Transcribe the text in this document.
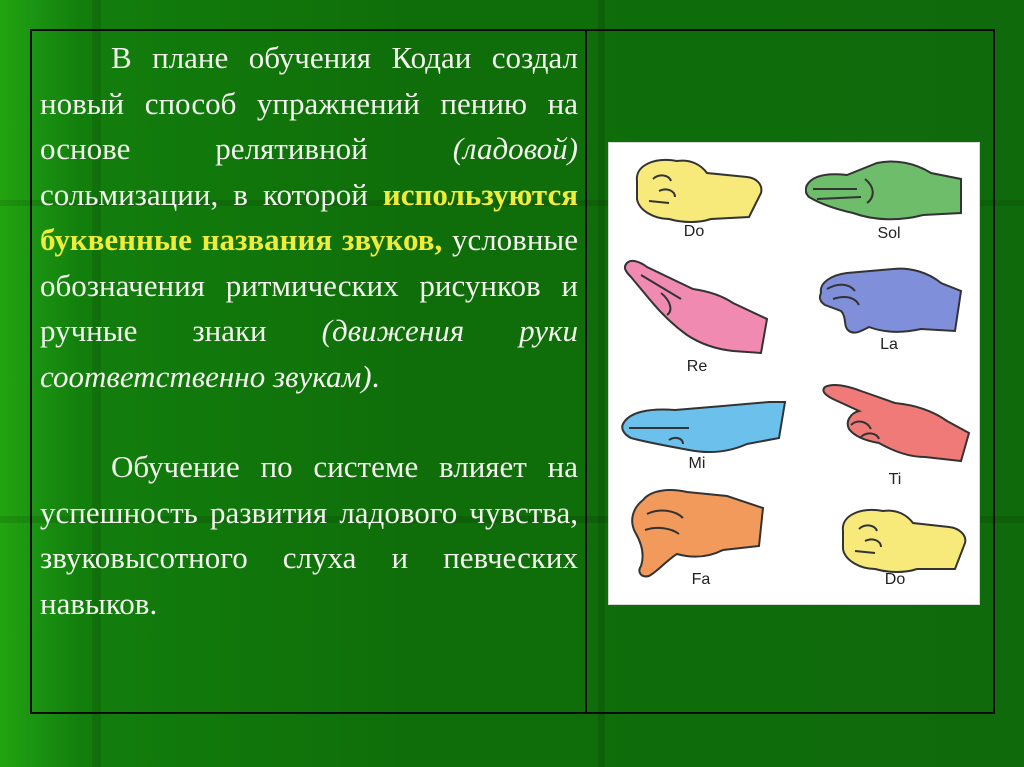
В плане обучения Кодаи создал новый способ упражнений пению на основе релятивной (ладовой) сольмизации, в которой используются буквенные названия звуков, условные обозначения ритмических рисунков и ручные знаки (движения руки соответственно звукам).

Обучение по системе влияет на успешность развития ладового чувства, звуковысотного слуха и певческих навыков.

Do
Re
Mi
Fa
Sol
La
Ti
Do
